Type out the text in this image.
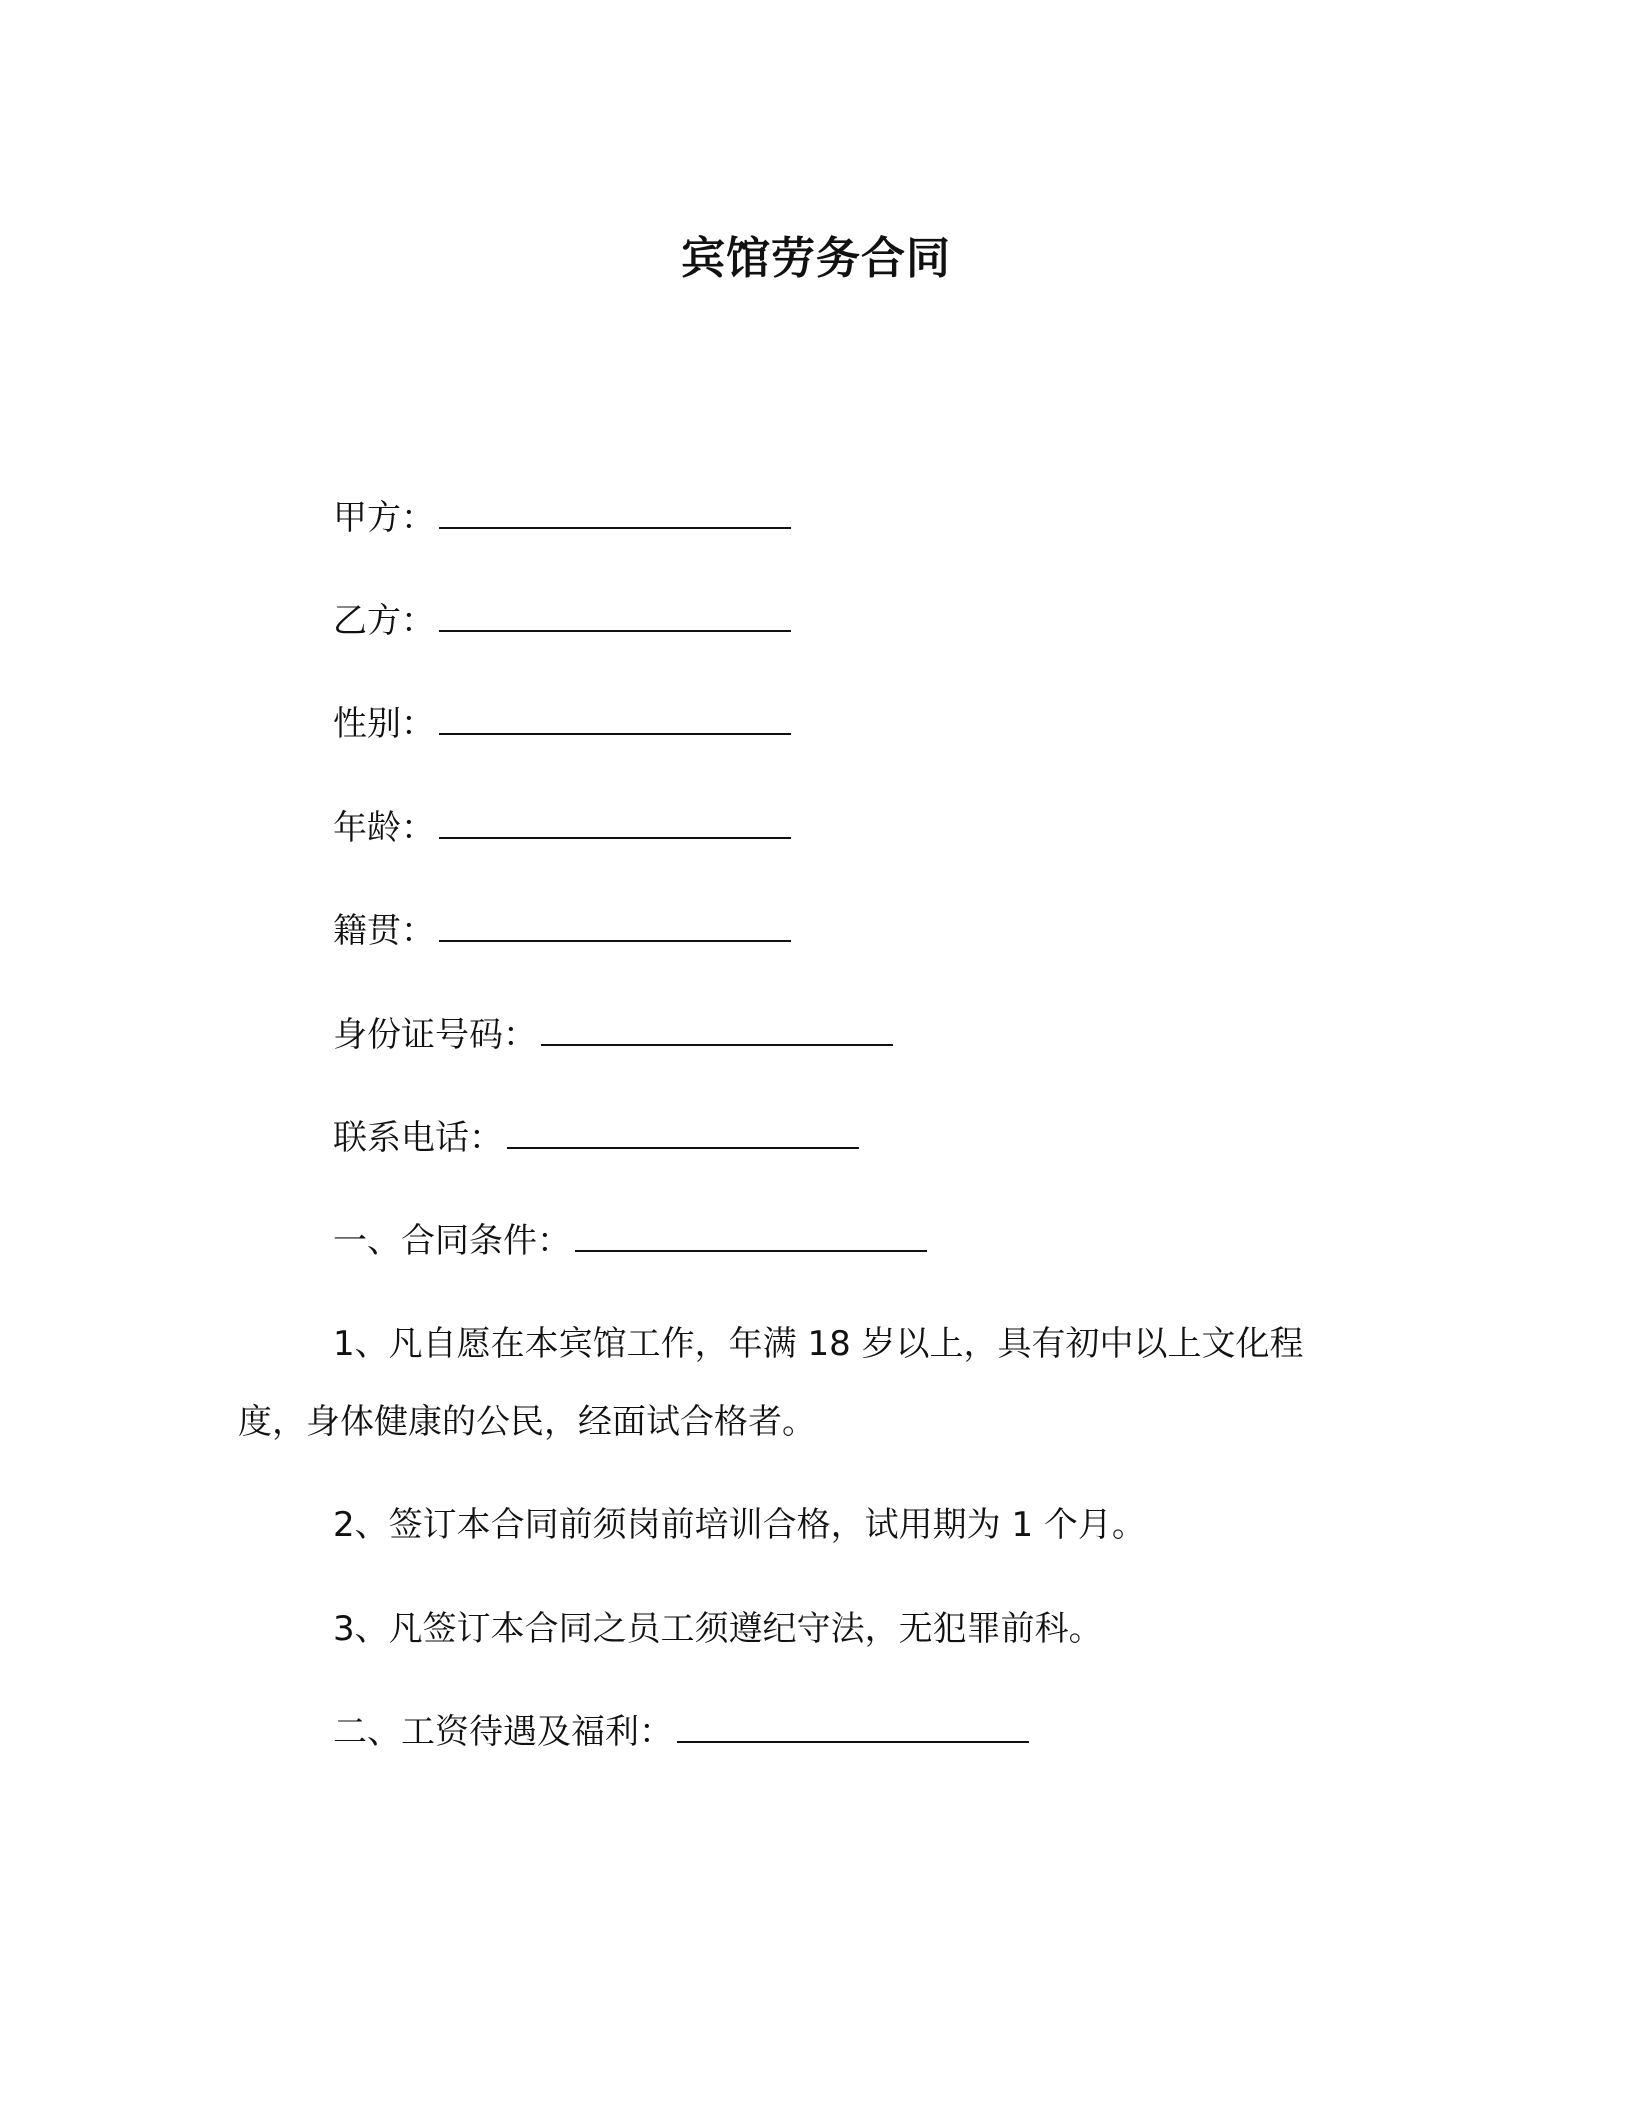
宾馆劳务合同

甲方：

乙方：

性别：

年龄：

籍贯：

身份证号码：

联系电话：

一、合同条件：

1、凡自愿在本宾馆工作，年满 18 岁以上，具有初中以上文化程

度，身体健康的公民，经面试合格者。

2、签订本合同前须岗前培训合格，试用期为 1 个月。

3、凡签订本合同之员工须遵纪守法，无犯罪前科。

二、工资待遇及福利：
